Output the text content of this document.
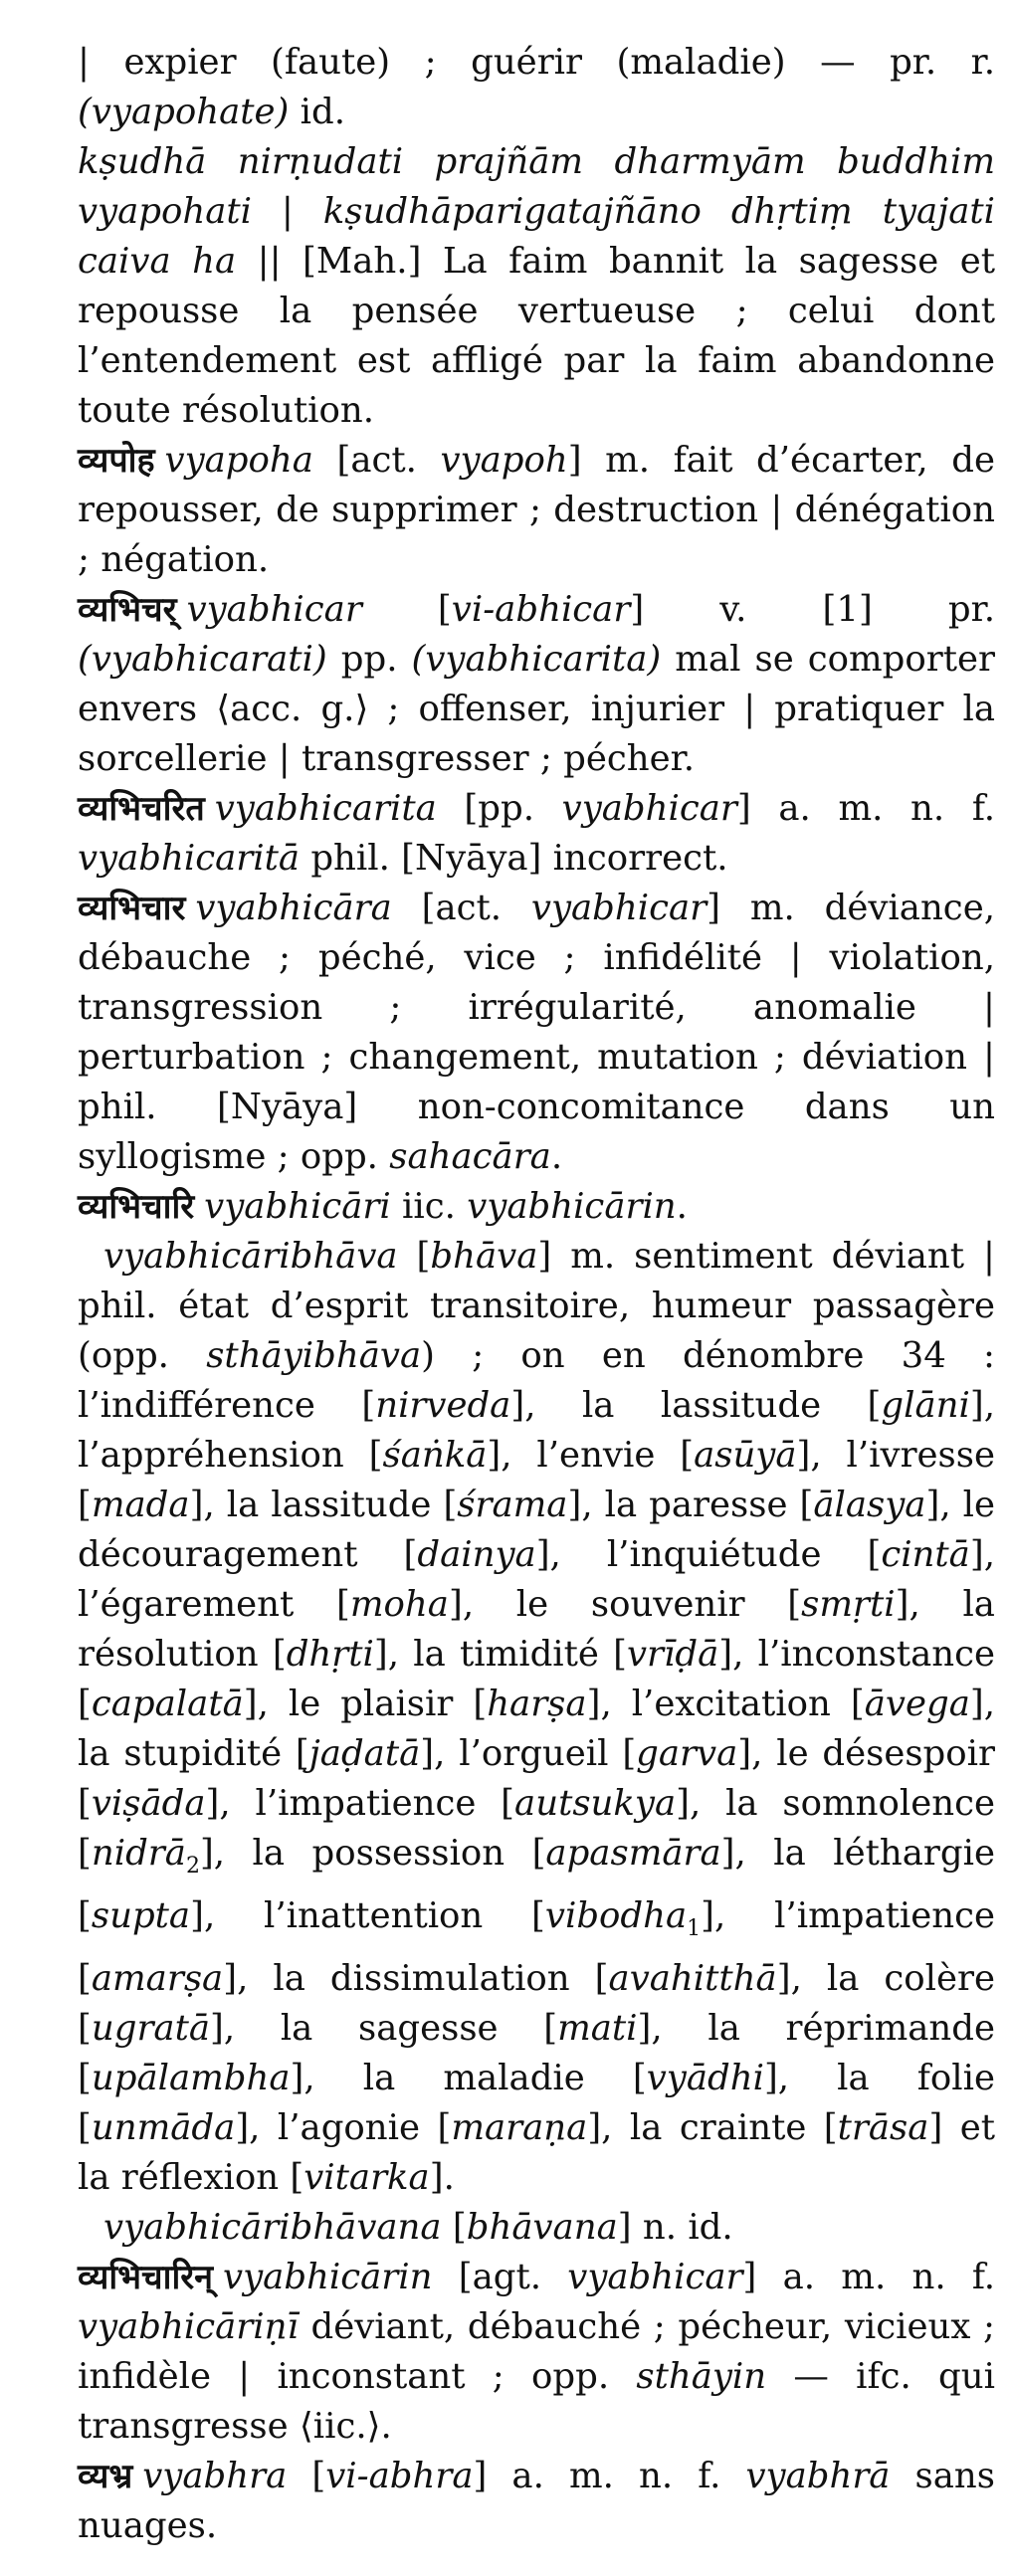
| expier (faute) ; guérir (maladie) — pr. r. (vyapohate) id.
kṣudhā nirṇudati prajñām dharmyām buddhim vyapohati | kṣudhāparigatajñāno dhṛtiṃ tyajati caiva ha || [Mah.] La faim bannit la sagesse et repousse la pensée vertueuse ; celui dont l’entendement est affligé par la faim abandonne toute résolution.

व्यपोह vyapoha [act. vyapoh] m. fait d’écarter, de repousser, de supprimer ; destruction | dénégation ; négation.

व्यभिचर् vyabhicar [vi-abhicar] v. [1] pr. (vyabhicarati) pp. (vyabhicarita) mal se comporter envers ⟨acc. g.⟩ ; offenser, injurier | pratiquer la sorcellerie | transgresser ; pécher.

व्यभिचरित vyabhicarita [pp. vyabhicar] a. m. n. f. vyabhicaritā phil. [Nyāya] incorrect.

व्यभिचार vyabhicāra [act. vyabhicar] m. déviance, débauche ; péché, vice ; infidélité | violation, transgression ; irrégularité, anomalie | perturbation ; changement, mutation ; déviation | phil. [Nyāya] non-concomitance dans un syllogisme ; opp. sahacāra.

व्यभिचारि vyabhicāri iic. vyabhicārin.

vyabhicāribhāva [bhāva] m. sentiment déviant | phil. état d’esprit transitoire, humeur passagère (opp. sthāyibhāva) ; on en dénombre 34 : l’indifférence [nirveda], la lassitude [glāni], l’appréhension [śaṅkā], l’envie [asūyā], l’ivresse [mada], la lassitude [śrama], la paresse [ālasya], le découragement [dainya], l’inquiétude [cintā], l’égarement [moha], le souvenir [smṛti], la résolution [dhṛti], la timidité [vrīḍā], l’inconstance [capalatā], le plaisir [harṣa], l’excitation [āvega], la stupidité [jaḍatā], l’orgueil [garva], le désespoir [viṣāda], l’impatience [autsukya], la somnolence [nidrā$_2$], la possession [apasmāra], la léthargie [supta], l’inattention [vibodha$_1$], l’impatience [amarṣa], la dissimulation [avahitthā], la colère [ugratā], la sagesse [mati], la réprimande [upālambha], la maladie [vyādhi], la folie [unmāda], l’agonie [maraṇa], la crainte [trāsa] et la réflexion [vitarka].

vyabhicāribhāvana [bhāvana] n. id.

व्यभिचारिन् vyabhicārin [agt. vyabhicar] a. m. n. f. vyabhicāriṇī déviant, débauché ; pécheur, vicieux ; infidèle | inconstant ; opp. sthāyin — ifc. qui transgresse ⟨iic.⟩.

व्यभ्र vyabhra [vi-abhra] a. m. n. f. vyabhrā sans nuages.
